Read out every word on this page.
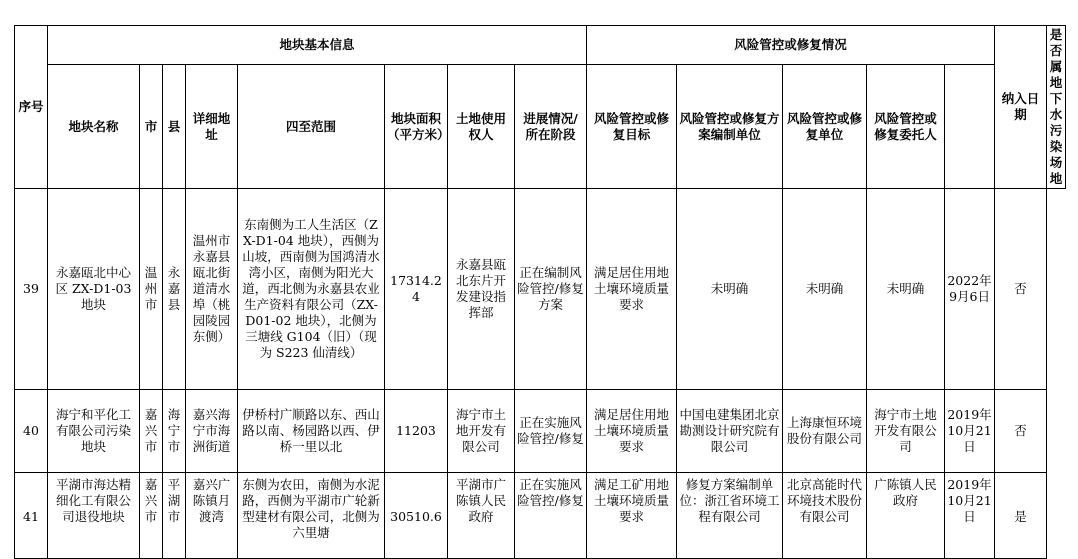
序号	地块基本信息								风险管控或修复情况					纳入日期	是否属地下水污染场地
	地块名称	市	县	详细地址	四至范围	地块面积（平方米）	土地使用权人	进展情况/所在阶段	风险管控或修复目标	风险管控或修复方案编制单位	风险管控或修复单位	风险管控或修复委托人			
39	永嘉瓯北中心区 ZX-D1-03 地块	温州市	永嘉县	温州市永嘉县瓯北街道清水埠（桃园陵园东侧）	东南侧为工人生活区（ZX-D1-04 地块），西侧为山坡，西南侧为国鸿清水湾小区，南侧为阳光大道，西北侧为永嘉县农业生产资料有限公司（ZX-D01-02 地块），北侧为三塘线 G104（旧）（现为 S223 仙清线）	17314.24	永嘉县瓯北东片开发建设指挥部	正在编制风险管控/修复方案	满足居住用地土壤环境质量要求	未明确	未明确	未明确	2022年9月6日	否	
40	海宁和平化工有限公司污染地块	嘉兴市	海宁市	嘉兴海宁市海洲街道	伊桥村广顺路以东、西山路以南、杨园路以西、伊桥一里以北	11203	海宁市土地开发有限公司	正在实施风险管控/修复	满足居住用地土壤环境质量要求	中国电建集团北京勘测设计研究院有限公司	上海康恒环境股份有限公司	海宁市土地开发有限公司	2019年10月21日	否	
41	平湖市海达精细化工有限公司退役地块	嘉兴市	平湖市	嘉兴广陈镇月渡湾	东侧为农田，南侧为水泥路，西侧为平湖市广轮新型建材有限公司，北侧为六里塘	30510.6	平湖市广陈镇人民政府	正在实施风险管控/修复	满足工矿用地土壤环境质量要求	修复方案编制单位：浙江省环境工程有限公司	北京高能时代环境技术股份有限公司	广陈镇人民政府	2019年10月21日	是	
